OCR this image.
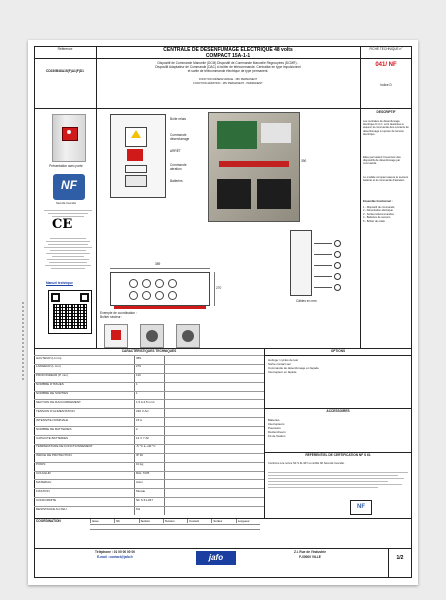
Référence
CD230B48A15(F)A1(F)D1
CENTRALE DE DÉSENFUMAGE ÉLECTRIQUE 48 volts
COMPACT 15A-1-1
Dispositif de Commande Manuelle (DCM) Dispositif de Commande Manuelle Regroupées (DCMR) -
Dispositif Adaptateur de Commande (DAC) à boîtier de télécommande. Centralise en type impulsionnel
et sortie de télécommande électrique de type permanent.
FONCTION DÉSENFUMAGE : 48V PERMANENT
FONCTION AÉRATION : 48V PERMANENT - PERMANENT
FICHE TECHNIQUE n°
041/ NF
Indice D
Présentation avec porte
NF
Sécurité Incendie
CE
Manuel technique
Boîte relais
Commande désenfumage
ARRÊT
Commande aération
Batteries
390
389
270
Câbles en mm
Exemple de coordination :
Boîtier secteur :
DESCRIPTIF
Les centrales de désenfumage électrique D.A.C. sont destinées à assurer la commande des ouvrants de désenfumage à rupture de tension électrique.
Elles permettent l'ouverture des dispositifs de désenfumage par commande.
Le modèle compact assure le secours batterie et la commande d'aération.
Ensemble fonctionnel :
1 - Dispositif de commande
2 - Alimentation électrique
3 - Sorties télécommandes
4 - Batteries de secours
5 - Boîtier de relais
CARACTÉRISTIQUES TECHNIQUES
HAUTEUR (H mm)	389
LARGEUR (L mm)	270
PROFONDEUR (P mm)	110
NOMBRE D'ISSUES	1
NOMBRE DE SORTIES	1
SECTION DE RACCORDEMENT	1.5 à 2.5 mm²
TENSION D'ALIMENTATION	230 V AC
INTENSITÉ NOMINALE	15 A
NOMBRE DE BATTERIES	2
CAPACITÉ BATTERIES	12 V 7 Ah
TEMPÉRATURE DE FONCTIONNEMENT	-5 °C à +40 °C
INDICE DE PROTECTION	IP 30
POIDS	10 kg
COULEUR	RAL 7035
MATÉRIAU	Acier
FIXATION	Murale
CONFORMITÉ	NF S 61-937
RÉSISTANCE AU FEU	M1
OPTIONS
Horloge / cycles de test
Sortie contact sec
Commande de désenfumage en façade
Interrupteur en façade
ACCESSOIRES
Batteries
Interrupteurs
Poussoirs
Déclencheurs
Kit de fixation
RÉFÉRENTIEL DE CERTIFICATION NF S 61
Conforme à la norme NF S 61-937 et certifié NF Sécurité Incendie.
NF
COORDINATION	Issue	Nb	Section	Tension	Courant	Sorties	Longueur
Téléphone : 01 00 00 00 00
E-mail : contact@jafo.fr	jafo
Z.I. Rue de l'Industrie
F-00000 VILLE	1/2
